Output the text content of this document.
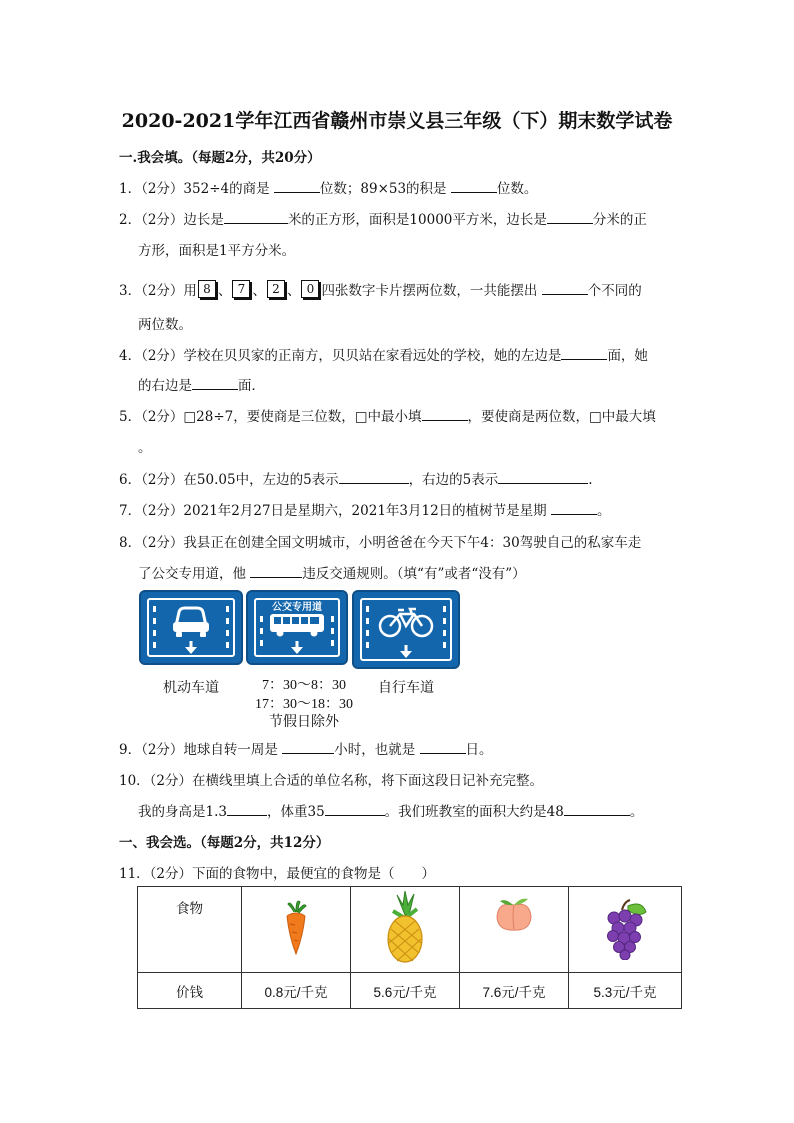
2020-2021学年江西省赣州市崇义县三年级（下）期末数学试卷
一.我会填。（每题2分，共20分）
1．（2分）352÷4的商是	位数；89×53的积是	位数。
2．（2分）边长是	米的正方形，面积是10000平方米，边长是	分米的正
方形，面积是1平方分米。
3．（2分）用 8 、 7 、 2 、 0 四张数字卡片摆两位数，一共能摆出	个不同的
两位数。
4．（2分）学校在贝贝家的正南方，贝贝站在家看远处的学校，她的左边是	面，她
的右边是	面．
5．（2分）□28÷7，要使商是三位数，□中最小填	，要使商是两位数，□中最大填
。
6．（2分）在50.05中，左边的5表示	，右边的5表示	.
7．（2分）2021年2月27日是星期六，2021年3月12日的植树节是星期	。
8．（2分）我县正在创建全国文明城市，小明爸爸在今天下午4：30驾驶自己的私家车走
了公交专用道，他	违反交通规则。（填“有”或者“没有”）
公交专用道
机动车道	7：30～8：30
17：30～18：30
节假日除外
自行车道
9．（2分）地球自转一周是	小时，也就是	日。
10．（2分）在横线里填上合适的单位名称，将下面这段日记补充完整。
我的身高是1.3	，体重35	。我们班教室的面积大约是48	。
一、我会选。（每题2分，共12分）
11．（2分）下面的食物中，最便宜的食物是（　　）
食物				
价钱	0.8元/千克	5.6元/千克	7.6元/千克	5.3元/千克
